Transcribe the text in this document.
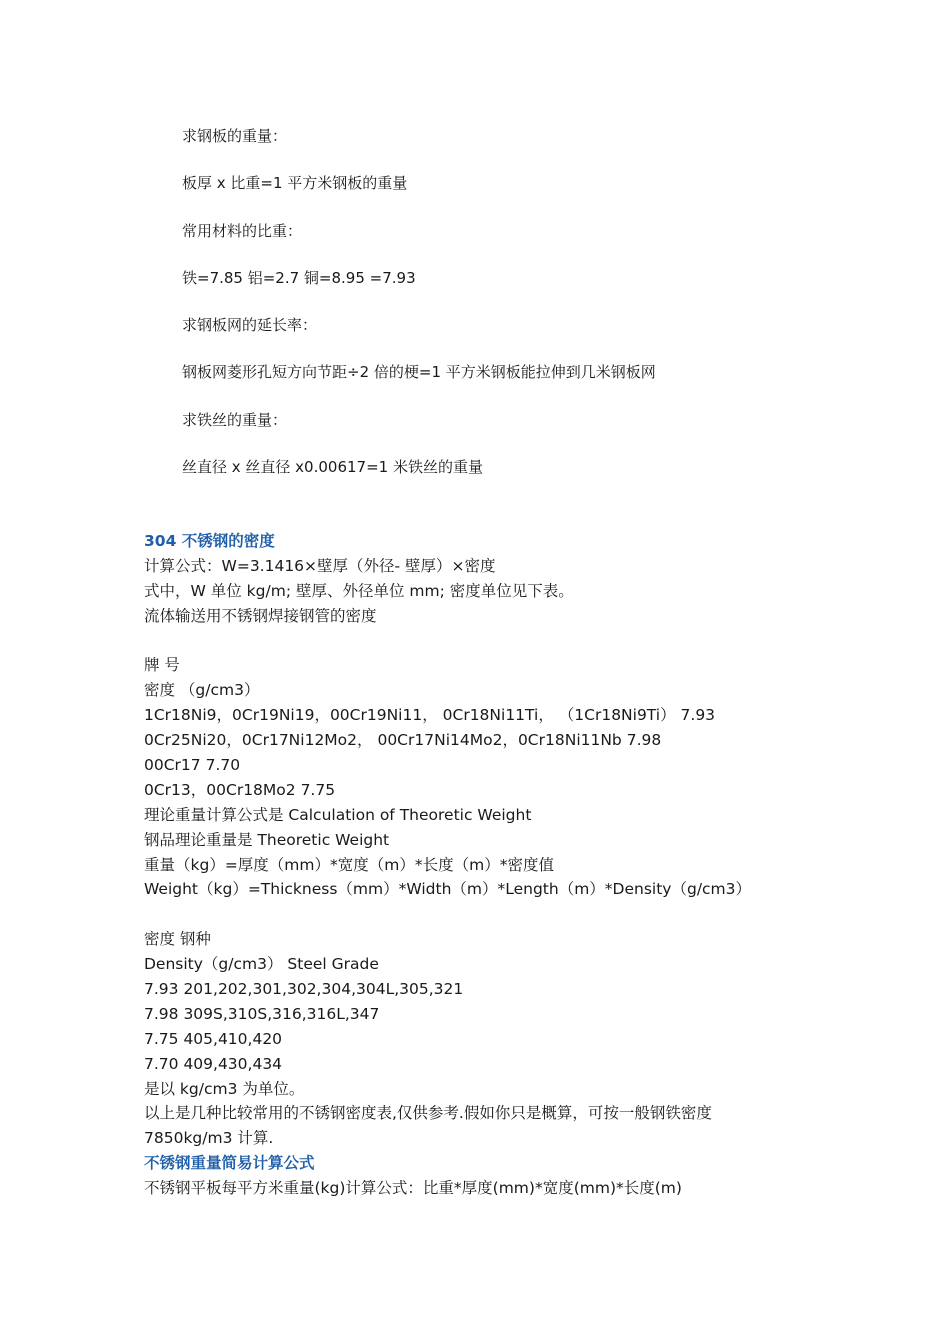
求钢板的重量：
板厚 x 比重=1 平方米钢板的重量
常用材料的比重：
铁=7.85 铝=2.7 铜=8.95 =7.93
求钢板网的延长率：
钢板网菱形孔短方向节距÷2 倍的梗=1 平方米钢板能拉伸到几米钢板网
求铁丝的重量：
丝直径 x 丝直径 x0.00617=1 米铁丝的重量
304 不锈钢的密度
计算公式：W=3.1416×壁厚（外径- 壁厚）×密度
式中，W 单位 kg/m; 壁厚、外径单位 mm; 密度单位见下表。
流体输送用不锈钢焊接钢管的密度
牌 号
密度 （g/cm3）
1Cr18Ni9，0Cr19Ni19，00Cr19Ni11， 0Cr18Ni11Ti， （1Cr18Ni9Ti） 7.93
0Cr25Ni20，0Cr17Ni12Mo2， 00Cr17Ni14Mo2，0Cr18Ni11Nb 7.98
00Cr17 7.70
0Cr13，00Cr18Mo2 7.75
理论重量计算公式是 Calculation of Theoretic Weight
钢品理论重量是 Theoretic Weight
重量（kg）=厚度（mm）*宽度（m）*长度（m）*密度值
Weight（kg）=Thickness（mm）*Width（m）*Length（m）*Density（g/cm3）
密度 钢种
Density（g/cm3） Steel Grade
7.93 201,202,301,302,304,304L,305,321
7.98 309S,310S,316,316L,347
7.75 405,410,420
7.70 409,430,434
是以 kg/cm3 为单位。
以上是几种比较常用的不锈钢密度表,仅供参考.假如你只是概算，可按一般钢铁密度
7850kg/m3 计算.
不锈钢重量简易计算公式
不锈钢平板每平方米重量(kg)计算公式：比重*厚度(mm)*宽度(mm)*长度(m)
